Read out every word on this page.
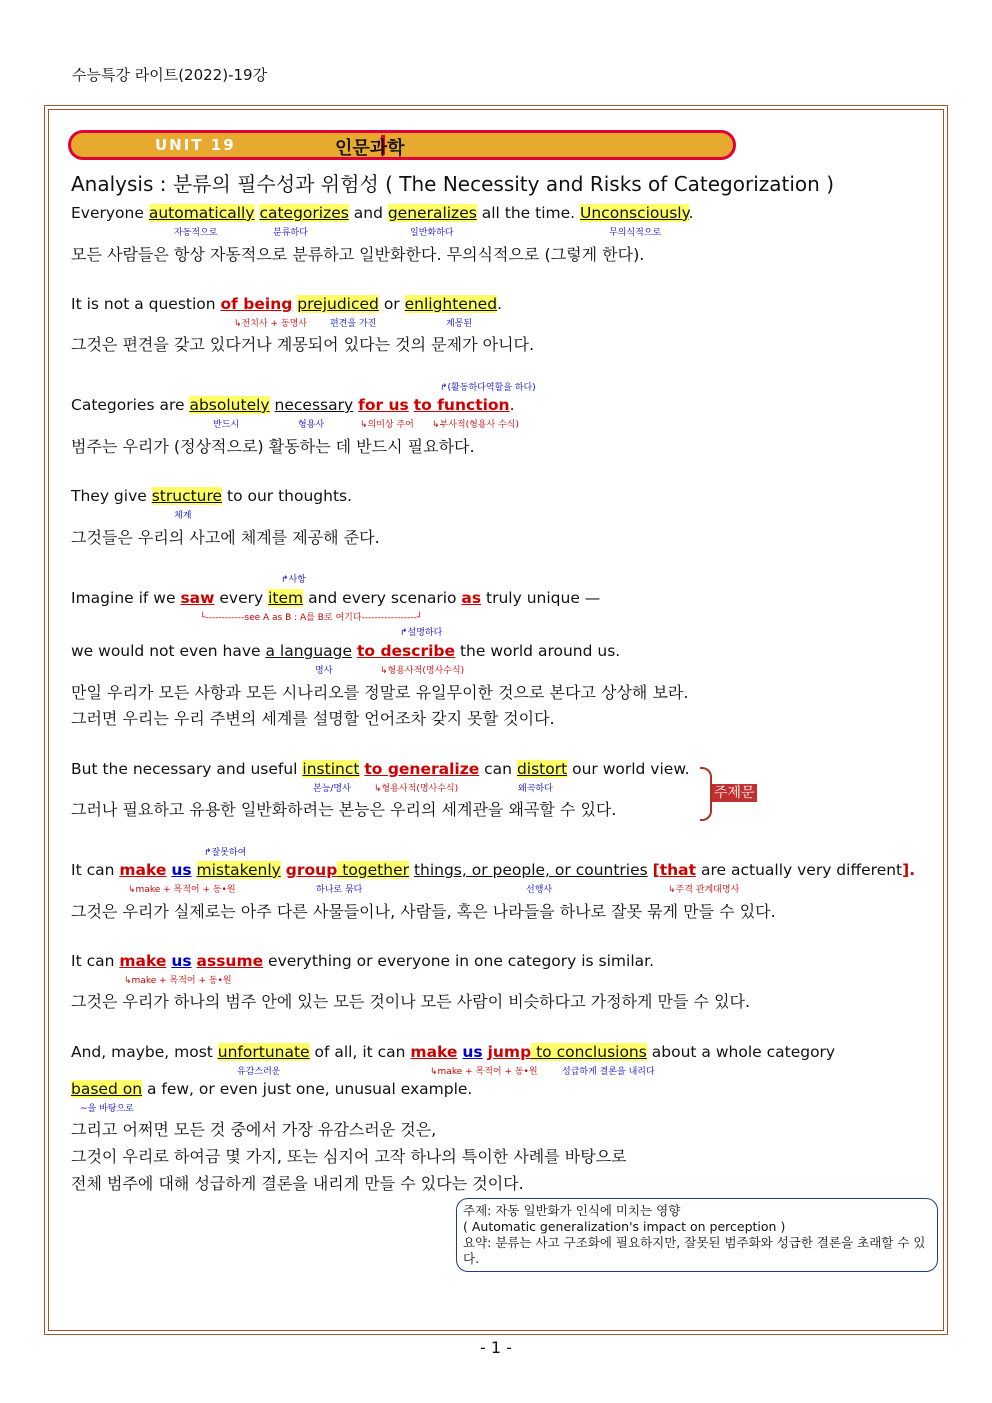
수능특강 라이트(2022)-19강
UNIT 19	인문과학
Analysis : 분류의 필수성과 위험성 ( The Necessity and Risks of Categorization )
Everyone automatically categorizes and generalizes all the time. Unconsciously.
자동적으로	분류하다	일반화하다	무의식적으로
모든 사람들은 항상 자동적으로 분류하고 일반화한다. 무의식적으로 (그렇게 한다).
It is not a question of being prejudiced or enlightened.
↳전치사 + 동명사	편견을 가진	계몽된
그것은 편견을 갖고 있다거나 계몽되어 있다는 것의 문제가 아니다.
↱(활동하다역할을 하다)
Categories are absolutely necessary for us to function.
반드시	형용사	↳의미상 주어 ↳부사적(형용사 수식)
범주는 우리가 (정상적으로) 활동하는 데 반드시 필요하다.
They give structure to our thoughts.
체계
그것들은 우리의 사고에 체계를 제공해 준다.
↱사항
Imagine if we saw every item and every scenario as truly unique —
└------------see A as B : A를 B로 여기다-----------------┘
↱설명하다
we would not even have a language to describe the world around us.
명사	↳형용사적(명사수식)
만일 우리가 모든 사항과 모든 시나리오를 정말로 유일무이한 것으로 본다고 상상해 보라.
그러면 우리는 우리 주변의 세계를 설명할 언어조차 갖지 못할 것이다.
But the necessary and useful instinct to generalize can distort our world view.
본능/명사	↳형용사적(명사수식)	왜곡하다
그러나 필요하고 유용한 일반화하려는 본능은 우리의 세계관을 왜곡할 수 있다.
주제문
↱잘못하여
It can make us mistakenly group together things, or people, or countries [that are actually very different].
↳make + 목적어 + 동•원	하나로 묶다	선행사	↳주격 관계대명사
그것은 우리가 실제로는 아주 다른 사물들이나, 사람들, 혹은 나라들을 하나로 잘못 묶게 만들 수 있다.
It can make us assume everything or everyone in one category is similar.
↳make + 목적어 + 동•원
그것은 우리가 하나의 범주 안에 있는 모든 것이나 모든 사람이 비슷하다고 가정하게 만들 수 있다.
And, maybe, most unfortunate of all, it can make us jump to conclusions about a whole category
유감스러운	↳make + 목적어 + 동•원	성급하게 결론을 내리다
based on a few, or even just one, unusual example.
~을 바탕으로
그리고 어쩌면 모든 것 중에서 가장 유감스러운 것은,
그것이 우리로 하여금 몇 가지, 또는 심지어 고작 하나의 특이한 사례를 바탕으로
전체 범주에 대해 성급하게 결론을 내리게 만들 수 있다는 것이다.
주제: 자동 일반화가 인식에 미치는 영향
( Automatic generalization's impact on perception )
요약: 분류는 사고 구조화에 필요하지만, 잘못된 범주화와 성급한 결론을 초래할 수 있다.
- 1 -
